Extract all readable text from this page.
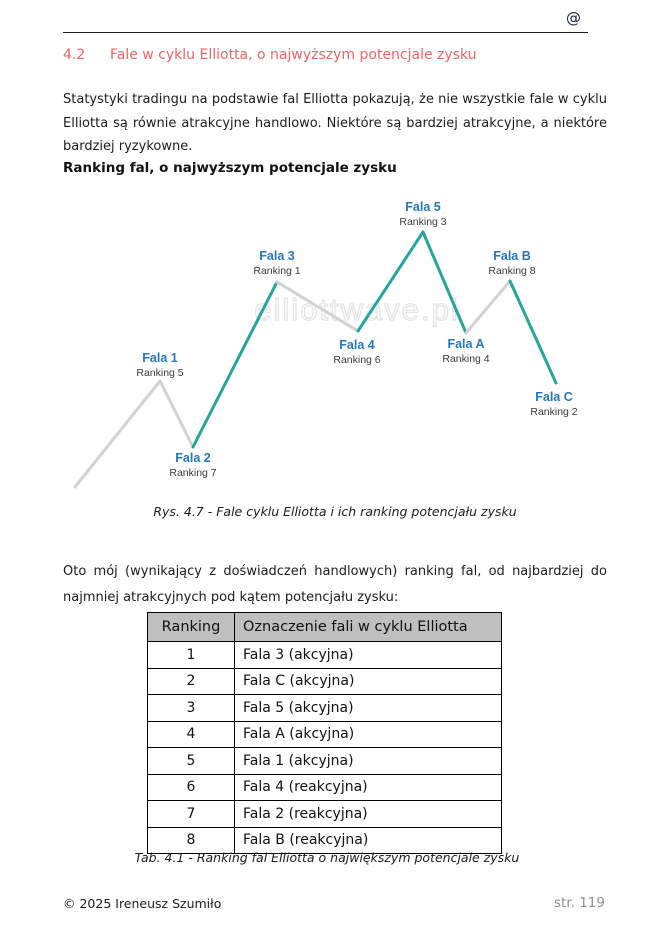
@
4.2	Fale w cyklu Elliotta, o najwyższym potencjale zysku

Statystyki tradingu na podstawie fal Elliotta pokazują, że nie wszystkie fale w cyklu Elliotta są równie atrakcyjne handlowo. Niektóre są bardziej atrakcyjne, a niektóre bardziej ryzykowne.

Ranking fal, o najwyższym potencjale zysku

elliottwave.pl
Fala 1
Ranking 5
Fala 2
Ranking 7
Fala 3
Ranking 1
Fala 4
Ranking 6
Fala 5
Ranking 3
Fala A
Ranking 4
Fala B
Ranking 8
Fala C
Ranking 2
Rys. 4.7 - Fale cyklu Elliotta i ich ranking potencjału zysku

Oto mój (wynikający z doświadczeń handlowych) ranking fal, od najbardziej do najmniej atrakcyjnych pod kątem potencjału zysku:

Ranking	Oznaczenie fali w cyklu Elliotta
1	Fala 3 (akcyjna)
2	Fala C (akcyjna)
3	Fala 5 (akcyjna)
4	Fala A (akcyjna)
5	Fala 1 (akcyjna)
6	Fala 4 (reakcyjna)
7	Fala 2 (reakcyjna)
8	Fala B (reakcyjna)
Tab. 4.1 - Ranking fal Elliotta o największym potencjale zysku
© 2025 Ireneusz Szumiło	str. 119
